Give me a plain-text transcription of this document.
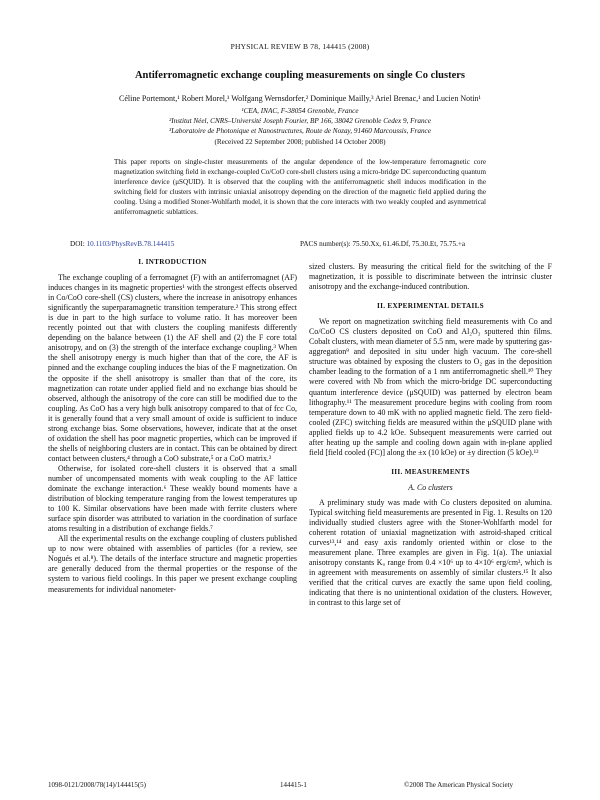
PHYSICAL REVIEW B 78, 144415 (2008)
Antiferromagnetic exchange coupling measurements on single Co clusters
Céline Portemont,¹ Robert Morel,¹ Wolfgang Wernsdorfer,² Dominique Mailly,³ Ariel Brenac,¹ and Lucien Notin¹
¹CEA, INAC, F-38054 Grenoble, France
²Institut Néel, CNRS–Université Joseph Fourier, BP 166, 38042 Grenoble Cedex 9, France
³Laboratoire de Photonique et Nanostructures, Route de Nozay, 91460 Marcoussis, France
(Received 22 September 2008; published 14 October 2008)
This paper reports on single-cluster measurements of the angular dependence of the low-temperature ferromagnetic core magnetization switching field in exchange-coupled Co/CoO core-shell clusters using a micro-bridge DC superconducting quantum interference device (μSQUID). It is observed that the coupling with the antiferromagnetic shell induces modification in the switching field for clusters with intrinsic uniaxial anisotropy depending on the direction of the magnetic field applied during the cooling. Using a modified Stoner-Wohlfarth model, it is shown that the core interacts with two weakly coupled and asymmetrical antiferromagnetic sublattices.
DOI: 10.1103/PhysRevB.78.144415	PACS number(s): 75.50.Xx, 61.46.Df, 75.30.Et, 75.75.+a
I. INTRODUCTION

The exchange coupling of a ferromagnet (F) with an antiferromagnet (AF) induces changes in its magnetic properties¹ with the strongest effects observed in Co/CoO core-shell (CS) clusters, where the increase in anisotropy enhances significantly the superparamagnetic transition temperature.² This strong effect is due in part to the high surface to volume ratio. It has moreover been recently pointed out that with clusters the coupling manifests differently depending on the balance between (1) the AF shell and (2) the F core total anisotropy, and on (3) the strength of the interface exchange coupling.³ When the shell anisotropy energy is much higher than that of the core, the AF is pinned and the exchange coupling induces the bias of the F magnetization. On the opposite if the shell anisotropy is smaller than that of the core, its magnetization can rotate under applied field and no exchange bias should be observed, although the anisotropy of the core can still be modified due to the coupling. As CoO has a very high bulk anisotropy compared to that of fcc Co, it is generally found that a very small amount of oxide is sufficient to induce strong exchange bias. Some observations, however, indicate that at the onset of oxidation the shell has poor magnetic properties, which can be improved if the shells of neighboring clusters are in contact. This can be obtained by direct contact between clusters,⁴ through a CoO substrate,⁵ or a CoO matrix.²

Otherwise, for isolated core-shell clusters it is observed that a small number of uncompensated moments with weak coupling to the AF lattice dominate the exchange interaction.⁶ These weakly bound moments have a distribution of blocking temperature ranging from the lowest temperatures up to 100 K. Similar observations have been made with ferrite clusters where surface spin disorder was attributed to variation in the coordination of surface atoms resulting in a distribution of exchange fields.⁷

All the experimental results on the exchange coupling of clusters published up to now were obtained with assemblies of particles (for a review, see Nogués et al.⁸). The details of the interface structure and magnetic properties are generally deduced from the thermal properties or the response of the system to various field coolings. In this paper we present exchange coupling measurements for individual nanometer-

sized clusters. By measuring the critical field for the switching of the F magnetization, it is possible to discriminate between the intrinsic cluster anisotropy and the exchange-induced contribution.

II. EXPERIMENTAL DETAILS

We report on magnetization switching field measurements with Co and Co/CoO CS clusters deposited on CoO and Al₂O₃ sputtered thin films. Cobalt clusters, with mean diameter of 5.5 nm, were made by sputtering gas-aggregation⁹ and deposited in situ under high vacuum. The core-shell structure was obtained by exposing the clusters to O₂ gas in the deposition chamber leading to the formation of a 1 nm antiferromagnetic shell.¹⁰ They were covered with Nb from which the micro-bridge DC superconducting quantum interference device (μSQUID) was patterned by electron beam lithography.¹¹ The measurement procedure begins with cooling from room temperature down to 40 mK with no applied magnetic field. The zero field-cooled (ZFC) switching fields are measured within the μSQUID plane with applied fields up to 4.2 kOe. Subsequent measurements were carried out after heating up the sample and cooling down again with in-plane applied field [field cooled (FC)] along the ±x (10 kOe) or ±y direction (5 kOe).¹²

III. MEASUREMENTS
A. Co clusters

A preliminary study was made with Co clusters deposited on alumina. Typical switching field measurements are presented in Fig. 1. Results on 120 individually studied clusters agree with the Stoner-Wohlfarth model for coherent rotation of uniaxial magnetization with astroid-shaped critical curves¹³,¹⁴ and easy axis randomly oriented within or close to the measurement plane. Three examples are given in Fig. 1(a). The uniaxial anisotropy constants Kᵤ range from 0.4 ×10⁶ up to 4×10⁶ erg/cm³, which is in agreement with measurements on assembly of similar clusters.¹⁵ It also verified that the critical curves are exactly the same upon field cooling, indicating that there is no unintentional oxidation of the clusters. However, in contrast to this large set of

1098-0121/2008/78(14)/144415(5)	144415-1	©2008 The American Physical Society
